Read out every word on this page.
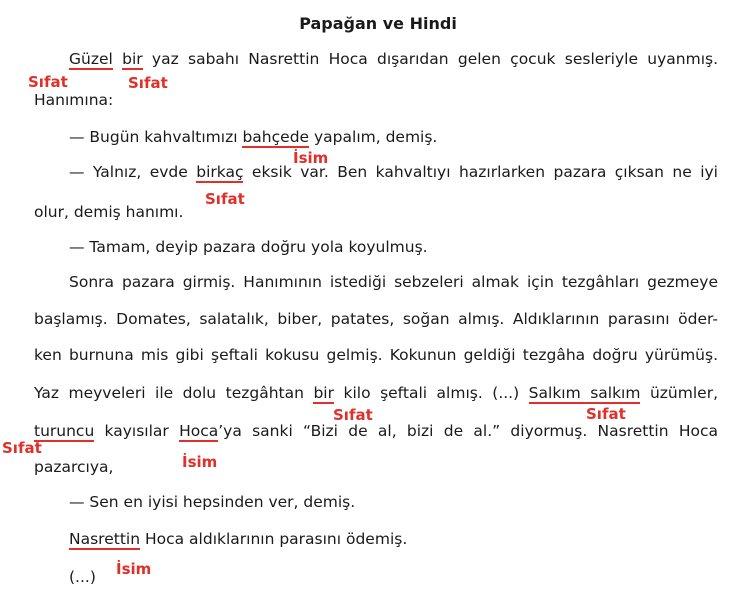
Papağan ve Hindi
Güzel bir yaz sabahı Nasrettin Hoca dışarıdan gelen çocuk sesleriyle uyanmış.
Sıfat	Sıfat
Hanımına:
— Bugün kahvaltımızı bahçede yapalım, demiş.
İsim
— Yalnız, evde birkaç eksik var. Ben kahvaltıyı hazırlarken pazara çıksan ne iyi
Sıfat
olur, demiş hanımı.
— Tamam, deyip pazara doğru yola koyulmuş.
Sonra pazara girmiş. Hanımının istediği sebzeleri almak için tezgâhları gezmeye
başlamış. Domates, salatalık, biber, patates, soğan almış. Aldıklarının parasını öder-
ken burnuna mis gibi şeftali kokusu gelmiş. Kokunun geldiği tezgâha doğru yürümüş.
Yaz meyveleri ile dolu tezgâhtan bir kilo şeftali almış. (...) Salkım salkım üzümler,
Sıfat	Sıfat
turuncu kayısılar Hoca’ya sanki “Bizi de al, bizi de al.” diyormuş. Nasrettin Hoca
Sıfat
İsim
pazarcıya,
— Sen en iyisi hepsinden ver, demiş.
Nasrettin Hoca aldıklarının parasını ödemiş.
İsim
(...)
